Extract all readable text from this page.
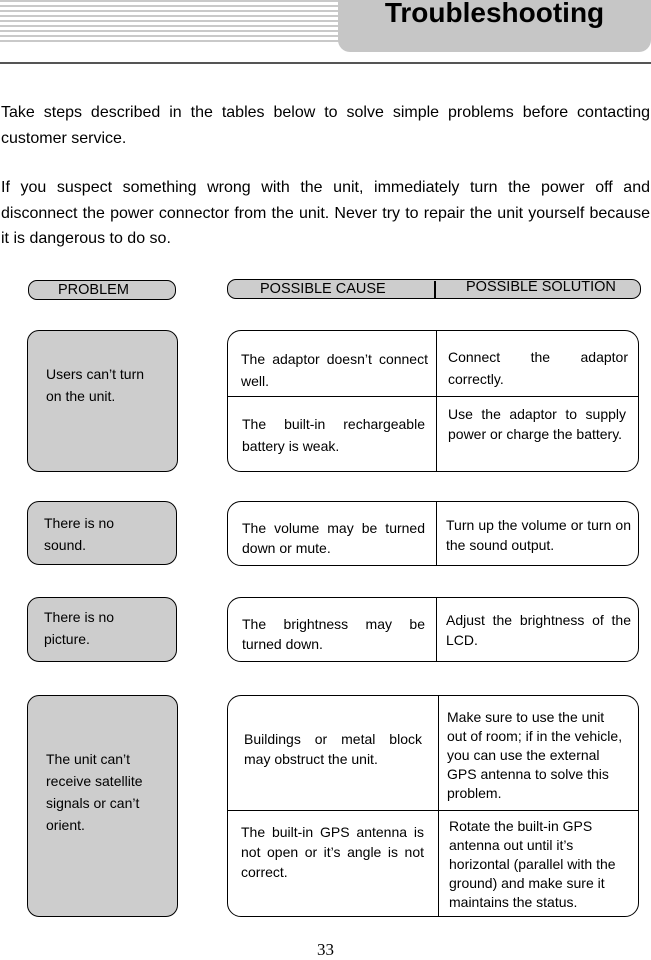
Troubleshooting

Take steps described in the tables below to solve simple problems before contacting customer service.

If you suspect something wrong with the unit, immediately turn the power off and disconnect the power connector from the unit. Never try to repair the unit yourself because it is dangerous to do so.

PROBLEM	POSSIBLE CAUSE	POSSIBLE SOLUTION
Users can’t turn on the unit.
The adaptor doesn’t connect well.
Connect the adaptor correctly.
The built-in rechargeable battery is weak.
Use the adaptor to supply power or charge the battery.
There is no sound.
The volume may be turned down or mute.
Turn up the volume or turn on the sound output.
There is no picture.
The brightness may be turned down.
Adjust the brightness of the LCD.
The unit can’t receive satellite signals or can’t orient.
Buildings or metal block may obstruct the unit.
Make sure to use the unit out of room; if in the vehicle, you can use the external GPS antenna to solve this problem.
The built-in GPS antenna is not open or it’s angle is not correct.
Rotate the built-in GPS antenna out until it’s horizontal (parallel with the ground) and make sure it maintains the status.
33
